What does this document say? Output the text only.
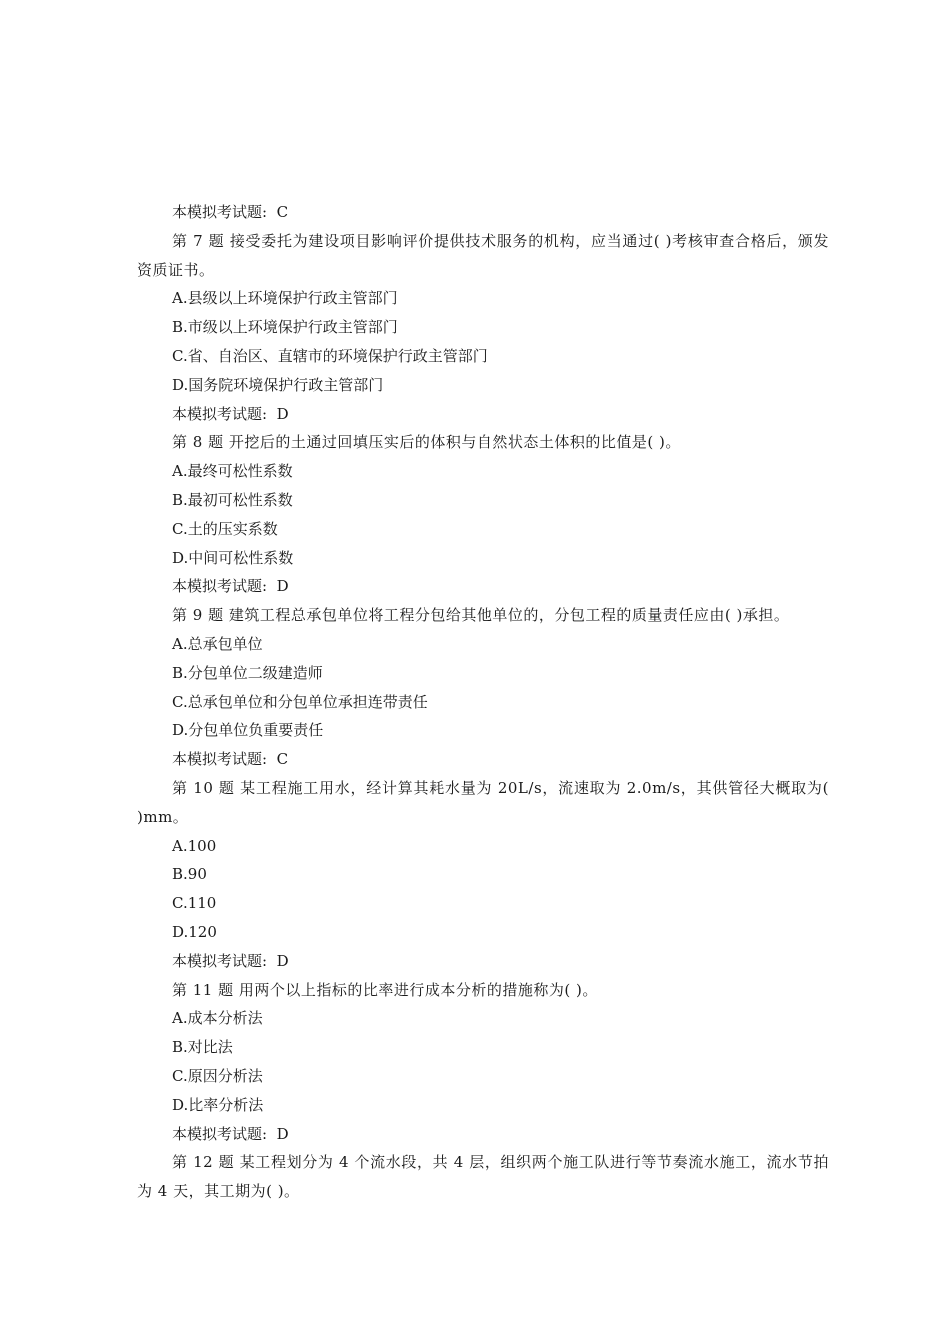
本模拟考试题:  C
第 7 题 接受委托为建设项目影响评价提供技术服务的机构，应当通过( )考核审查合格后，颁发资质证书。
A.县级以上环境保护行政主管部门
B.市级以上环境保护行政主管部门
C.省、自治区、直辖市的环境保护行政主管部门
D.国务院环境保护行政主管部门
本模拟考试题:  D
第 8 题 开挖后的土通过回填压实后的体积与自然状态土体积的比值是( )。
A.最终可松性系数
B.最初可松性系数
C.土的压实系数
D.中间可松性系数
本模拟考试题:  D
第 9 题 建筑工程总承包单位将工程分包给其他单位的，分包工程的质量责任应由( )承担。
A.总承包单位
B.分包单位二级建造师
C.总承包单位和分包单位承担连带责任
D.分包单位负重要责任
本模拟考试题:  C
第 10 题 某工程施工用水，经计算其耗水量为 20L/s，流速取为 2.0m/s，其供管径大概取为( )mm。
A.100
B.90
C.110
D.120
本模拟考试题:  D
第 11 题 用两个以上指标的比率进行成本分析的措施称为( )。
A.成本分析法
B.对比法
C.原因分析法
D.比率分析法
本模拟考试题:  D
第 12 题 某工程划分为 4 个流水段，共 4 层，组织两个施工队进行等节奏流水施工，流水节拍为 4 天，其工期为( )。
